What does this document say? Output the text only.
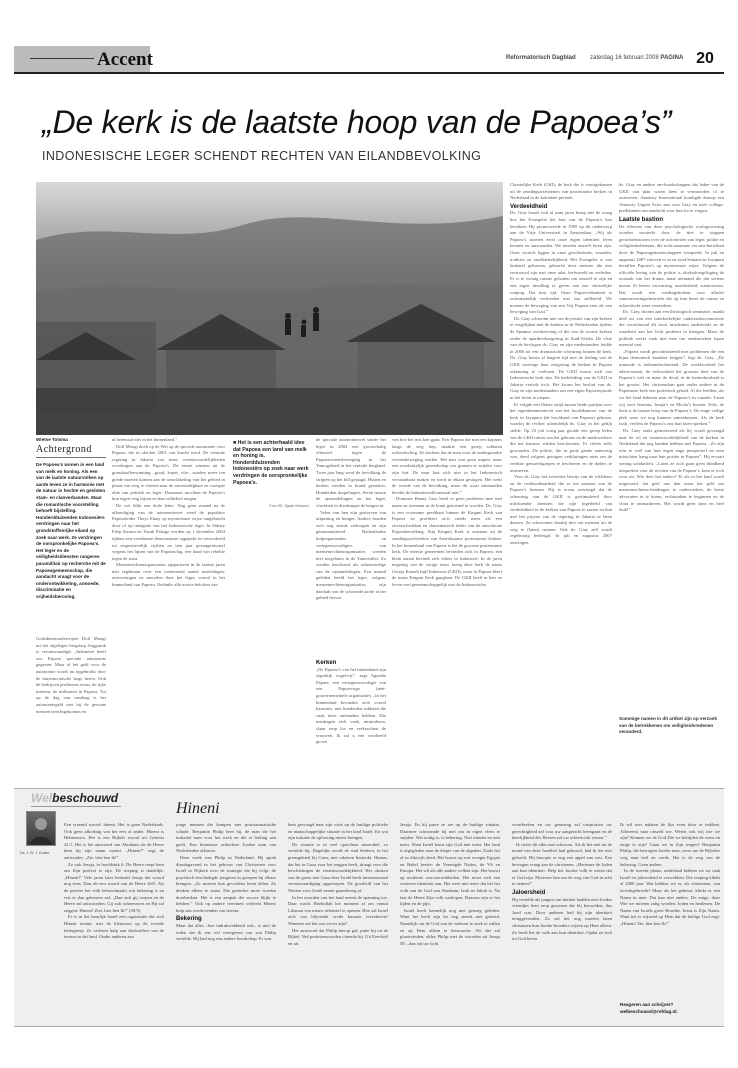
Accent	Reformatorisch Dagblad zaterdag 16 februari 2008 PAGINA 20
„De kerk is de laatste hoop van de Papoea’s”
INDONESISCHE LEGER SCHENDT RECHTEN VAN EILANDBEVOLKING
Wietse Tolsma
Achtergrond
De Papoea’s wonen in een land van melk en honing. Als een van de laatste natuurvolken op aarde leven ze in harmonie met de natuur in hechte en gesloten stam- en clanverbanden. Maar die romantische voorstelling behoeft bijstelling. Honderdduizenden Indonesiërs verdringen naar het grondstoffenrijke eiland op zoek naar werk. Ze verdringen de oorspronkelijke Papoea’s. Het leger en de veiligheidsdiensten rangeren paramilitair op recherche mit de Papoeagemeenschap, die aandacht vraagt voor de onderontwikkeling, armoede, discriminatie en vrijheidsberoving.

Godsdienstonderwijzer Dolf Mongi uit het afgelegen bergdorp Angguruk is verontwaardigd: „Indonesië heeft ons Papoea speciale autonomie gegeven. Maar al het geld voor de autonomie wordt nu opgebruikt door de bureaucratische hoge heren. Ook de bedrijven profiteren ervan, de rijke mensen, de militairen in Papoea. Tot op de dag van vandaag is het autonomiegeld niet bij de gewone mensen terechtgekomen en

al helemaal niet in het binnenland.”

Dolf Mongi doelt op de Wet op de speciale autonomie voor Papoea, die in oktober 2001 van kracht werd. De centrale regering in Jakarta zou meer verantwoordelijkheden overdragen aan de Papoea’s. De eerste winsten uit de grondstoffenwinning –goud, koper, olie– zouden meer ten goede moeten komen aan de ontwikkeling van het gebied in plaats van weg te vloeien naar de onverzadigbare en corrupte elite van politiek en leger. Daarnaast mochten de Papoea’s hun eigen vlag hijsen en hun volkslied zingen.

De wet blikt een dode letter. Nog geen maand na de afkondiging van de autonomiewet werd de populaire Papoealeider Theys Eluay op mysterieuze wijze omgebracht door of op instigatie van het Indonesische leger. In Sidney Filep Karma en Yusak Pakage werden op 1 december 2004 tijdens een vreedzame demonstratie opgepakt en veroordeeld tot respectievelijk vijftien en tien jaar gevangenisstraf wegens het hijsen van de Papoeavlag, een daad van rebellie tegen de staat.

Mensenrechtenorganisaties rapporteren in de laatste jaren met regelmaat over een toenemend aantal martelingen, ontvoeringen en moorden door het leger, vooral in het binnenland van Papoea. Ondanks alle mooie beloften van

■ Het is een achterhaald idee dat Papoea een land van melk en honing is. Honderdduizenden Indonesiërs op zoek naar werk verdringen de oorspronkelijke Papoea’s.
Foto RD, Sjaak Verboom

de speciale autonomiewet startte het leger in 2004 een grootschalig offensief tegen de Papoeaverzetsbeweging in het Yamogebied in het centrale bergland. Twee jaar lang werd de bevolking de strijpen op het hill gejaagd. Hutten en kerken werden in brand gestoken. Honderden dorpelingen, fleren tussen de opstandelingen en het leger, vluchtten in doodsangst de bergen in.

Velen van hen zijn gestorven van uitputting en honger. Andere houden zich nog steeds verborgen en zijn getraumatiseerd. Buitenlandse hulporganisaties en vertegenwoordigers van mensenrechtenorganisaties werden niet toegelaten in de Yamovallei. Zo werden beschuwd als schreeuwdige van de opstandelingen. Een maand geleden beefd het leger, volgens mensenrechtenorganisaties, zijn daerkah van de schroeide aarde in het gebied hervat.

van hoe het mis kan gaan. Een Papoea die met een kapmes langs de weg liep, maakte een groep soldaten achterdochtig. Ze dachten dat de man voor de ondergrondse verzetsbeweging werkte. Het mes was geen wapen, maar een noodzakelijk gereedschap om grassen te snijden voor zijn hut. De man kon zich niet in het Indonesisch verstaanbaar maken en werd in elkaar geslagen. Het wekt de woede van de bevolking, maar dit soort misstanden bereikt de buitenwereld meestal niet.”

Dominee Benny Giay heeft er geen probleem mee met naam en toenaam in de krant genoemd te worden. Ds. Giay is een voorname predikant binnen de Kingmi Kerk van Papoea en profileert zich steeds meer als een onverschrokken en charismatisch leider van de autochtone Papoeabevolking. Zijn Kingmi Kerk is ontstaan uit de zendingsactiviteiten van Amerikaanse protestantse kerken. In het binnenland van Papoea is het de grootste protestantse kerk. De meeste gemeenten bevinden zich in Papoea, een klein aantal bevindt zich elders in Indonesië. In de jaren negentig van de vorige eeuw kreeg deze kerk de naam Gereja Kemah Injil Indonesia (GKII), maar in Papoea bleef de naam Kingmi Kerk gangbaar. De GKII heeft in lees en leven veel gemeenschappelijk met de Indonesische

Kerken

„De Papoea’s van het binnenland zijn eigenlijk vogelvrij”, zegt Agustha Papare, een vertegenwoordiger van een Papoea-ngo (niet-gouvernementele organisatie). „In het binnenland bevinden zich vooral kazernes, met honderden soldaten die vaak niets omhanden hebben. Die misdragen zich vaak, intimideren, slaan erop los en verkrachten de vrouwen. Ik zal u een voorbeeld geven

Christelijke Kerk (GKI), de kerk die is voortgekomen uit de zendingsactiviteiten van protestantse kerken in Nederland in de koloniale periode.

Verdeeldheid

Ds. Giay houdt zich al ruim jaren bezig met de vraag hoe het Evangelie het hart van de Papoea’s kan bereiken. Hij promoveerde in 1995 op dit onderwerp aan de Vrije Universiteit in Amsterdam. „Wij als Papoea’s moeten eerst onze eigen identiteit leren kennen en aanvaarden. We moeten onszelf leren zijn. Onze wortels liggen in onze geschiedenis, waarden, tradities en onafhankelijkheid. Het Evangelie is van buitenaf gekomen, gebracht door mensen die niet vertrouwd zijn met onze adat, leefwereld en verleden. Er is te weinig ruimte geboden om onszelf te zijn en een eigen invulling te geven aan een christelijke roeping. Dat kost tijd. Onze Papoea-identiteit is onlosmakelijk verbonden met ons zelfbeeld. We moeten de beweging van een Vrij Papoea zien als een beweging van God.”

Ds. Giay schroomt niet om de positie van zijn kerken te vergelijken met de kerken in de Nederlanden tijdens de Spaanse overheersing of die van de zwarte kerken onder de apartheidsregering in Zuid-Afrika. De visie van de bevlogen ds. Giay en zijn medestanders leidde in 2006 tot een dramatische scheuring binnen de kerk. Ds. Giay botste al langere tijd met de leiding van de GKII vanwege haar weigering de kerken in Papoea erkenning te verlenen. De GKII moest zich van Indonesische kerk zijn. De kerkleiding van de GKII in Jakarta vertrok toch. Het kwam het besluit van ds. Giay en zijn medestanders om een eigen Papoeasynode in het leven te roepen.

Er volgde een fletere strijd tussen beide partijen over het eigendommenrecht van het hoofdkantoor van de kerk in Jayapura (de hoofdstad van Papoea) gebouw, waarbij de rechter uiteindelijk ds. Giay in het gelijk stelde. Op 23 juli vorig jaar gooide een groep leden van de GKII ruiten van het gebouw en de medewerkers die het kantoor wilden beschermen. Er vielen zelfs gewonden. De politie, die in grote getale aanwezig was, deed volgens getuigen verklaringen niets om de verhitte gemoedsgrepen te bescheren en de daders te arresteren.

Voor ds. Giay het zoveelste bewijs van de willekeur en de rechtsonbaarheid die er ten aanzien van de Papoea’s heersen. Hij is ervan overtuigd dat de scheuring van de GKII is gestimuleerd door inlichtendie diensten die zijn ingedeeld van verdeeldheid in de kerken van Papoea te zaaien en hun met het prijzen van de regering in Jakarta te laten dansen. Ze schroomen daarbij niet om mensen uit de weg te (laten) ruimen. Ook ds. Giay zelf wordt regelmatig bedreigd. In juli en augustus 2007 ontvingen

ds. Giay en andere om-boodschappen dat leden van de GKII van plan waren hem te vermoorden of te ontvoeren. Amnesty International kondigde daarop een Amnesty Urgent Actie aan voor Giay en twee collega-predikanten om aandacht voor hun lot te vragen.

Laatste bastion

De effecten van deze psychologische oorlogsvoering worden versterkt door de niet te stoppen geruchtenstroom over de activiteiten van leger, politie en veiligheidsdiensten, die richt naarmate via sms-berichten door de Papoeagemeenschappen verspreidt. In juli en augustus 2007 stierven er in en rond Sentani en Jayapura hertallen Papoea’s op mysterieuze wijze. Volgens de officiële lezing van de politie is alcoholvergiftiging de oorzaak van het drama, maar niemand die dat serieus neemt. Er heerst verwarring, onzekerheid, wantrouwen. Dat wordt een voedingsbodem voor allerlei samenzweringstheorieën die op hun beurt de onrust en achterdocht weer versterken.

Ds. Giay, docent aan een theologisch seminarie, maakt deel uit van een interkerkelijke onderzoekscommissie die voortdurend dit soort incidenten onderzoekt en de waarheid aan het licht probeert te brengen. Maar de politiek werkt vaak niet mee om onderzoeken lopen meestal vast.

„Papoea wordt geconfronteerd met problemen die een bijna demonisch karakter krijgen”, legt ds. Giay. „De armoede is tenhemelschreiend. De werkloosheid het adieu-nazaat, de verloosheid het grootste deel van de Papoea’s valt en maar de dood, in de hermeloosheid is het grootst. Het christendom gaat onder andere in de Papoeanse kerk een profetisch geluid. Al die leefden, als we het land bekeren naar de Papoea’s in vaarder. Laten wij voor Jeremia, Jesaja’s en Micha’s komen. Echt, de kerk is de laatste hoop van de Papoea’s. De enige veilige plek waar we nog kunnen samenkomen. Als de kerk faalt, verliest de Papoea’s ons hart laten spreken.”

Ds. Giay raakt gemotiveerd als hij wordt gevraagd naar de rol en verantwoordelijkheid van de kerken in Nederland die nog banden hebben met Papoea. „Ze zijn erin te veel van hun eigen enge perspectief en zien misschien hang naar hun positie in Papoea”. Hij ervaart weinig solidariteit. „Laten ze zich gaan geen blindheid uitspreken voor de rechten van de Papoea’s, kom er toch voor uit. Wie doet het anders? Er als in het land wordt uitgeroeid, dat geef ons dan maar het geld om mensenrechtenschendingen te onderzoeken, de beste advocaten in te huren, rechtszaken te beginnen en de vlam te ontmaskeren. Het wordt geen dans en heel leuk!”

Sommige namen in dit artikel zijn op verzoek van de betrokkenen om veiligheidsredenen veranderd.
Welbeschouwd
Hineni
Ds. J. W. J. Koster

Een vreemd woord: hineni. Het is geen Nederlands. Ook geen afkorting van het een of ander. Hineni is Hebreeuws. Het is een Bijbels woord uit Genesis 22:1. Het is het antwoord van Abraham als de Heere hem bij zijn naam noemt. „Hineni!” zegt de aartsvader. „Zie, hier ben ik!”

Zo ook Jesaja, in hoofdstuk 6. De Heere roept hem om Zijn profeet te zijn. De roeping is duidelijk: „Hineni!” Vele jaren later herhaalt Jesaja dat woord nog eens. Dan als een woord van de Heere Zelf. Als de profeet het volk beboodmaakt wat bekering is en wat er dan gebeuren zal: „Dan zult gij roepen en de Heere zal antwoorden. Gij zult schreeuwen en Hij zal zeggen: Hineni! Ziet, hier ben Ik!” (58:9).

Er is in het buurlijk Israël een organisatie die zich Hineni noemt, met de klemtoon op de tweede lettergreep. Ze verleent hulp aan slachtoffers van de terreur in dat land. Onder anderen aan

jonge mensen die kampen met posttraumatische schade. Benjamin Philip heet hij, de man die het initiatief nam voor het werk en die er leiding aan geeft. Een binnenste orthodoxe Joodse man van Nederlandse afkomst.

Deze week was Philip in Nederland. Hij sprak dinsdagavond in het gebouw van Christenen voor Israël in Nijkerk over de strategie die hij volgt: de psychisch beschadigde jongeren in groepen bij elkaar brengen. „Ze moeten hun gevoelens leren delen. Ze denken alleen te staan. Die gedachte moet worden doorbroken. Het is een aanpak die succes blijkt te hebben.” Ook op andere terreinen verleent Hineni hulp aan overlevenden van terreur.

Bekering

Maar dat alles –hoe indrukwekkend ook– is niet de reden dat ik iets wil weergeven van wat Philip vertelde. Hij had nog een andere boodschap. Er was

hem gevraagd naar zijn visie op de huidige politieke en maatschappelijke situatie in het land Israël. En wat zijn initiatie de oplossing moest brengen.

De situatie is in veel opzichten miserabel, zo vertelde hij. Dagelijks wordt de stad Sederot, in het grensgebied bij Gaza, met raketten bestookt. Hamas, dat het in Gaza voor het zeggen heeft, draagt voor die beschietingen de verantwoordelijkheid. Het okoken van de grens met Gaza door Israël heeft internationaal verontwaardiging opgeroepen. De goodwill van het Westen voor Israël neemt gaandeweg af.

In het noorden van het land neemt de spanning toe. Daar wacht Hezbollah het moment af om vanuit Libanon een nieuw offensief te openen. Hoe zal Israël zich van blijvende vrede kunnen verzekeren? Wanneer zal het ooit zover zijn?

Het antwoord dat Philip hierop gaf, putte hij uit de Bijbel. Ved profetenwoorden citeerde hij. Uit Ezechiël en uit

Jesaja. En hij paste ze toe op de huidige situatie. Daarmee schroomde hij niet om in eigen vlees te snijden. Wat nodig is, is bekering. Niet minder en niet meer. Want Israël komt zijn God niet meer. Het land is afgegleden naar de diepte van de afgoden. Zoals het al zo dikwijls deed. Het bouwt op wat vroeger Egypte en Babel heette: de Verenigde Naties, de VS en Europa. Het wil als alle andere volken zijn. Het bouwt op moderne wervoerwebbeden. Het moet zich een westerse identiteit aan. Het weet niet meer dat het het volk van de God van Abraham, Izak en Jakob is. Nu laat de Heere Zijn volk vastlopen. Daarom zijn er het lijden en de pijn.

Israël heeft kennelijk nog niet genoeg geleden. Want het heeft zijn les nog steeds niet geleerd. Namelijk om de God van de vaderen te zoek te vallen en op Hem alleen te betrouwen. Als dat zal plaatsvinden, aldus Philip met de woorden uit Jesaja 58: „dan zal uw licht

voortbreken en uw genezing zal uitspruiten uw gerechtigheid zal voor uw aangezicht heengaan en de heerlijkheid des Heeren zal uw achtertocht wezen.”

Ik citeer dit alles met schroom. Als ik het niet uit de mond van deze Israëliet had gehoord, had ik het niet geloofd. Hij knoopte er nog een appel aan vast. Een bewogen vraag aan de christenen. „Herinner de Joden aan hun identiteit. Help het Joodse volk te weten dat er God zijn. Motiveer hen om de weg van God in acht te nemen!”

Jaloersheid

Hij vertelde als jongen van dertien hadden niet-Joodse vriendjes hem erop gewezen dat hij beroofden, dus Jood was. Door anderen had hij zijn identiteit teruggevonden. Zo zal het nog moeten laten christenen hun Joodse broeders wijzen op Hem alleen. Zo heeft het de volk aan hun identiteit. Opdat ze zich tot God keren.

Ik wil niet nalaten de lijn even door te trekken. Allereerst naar onszelf toe. Weten ook wij wie we zijn? Kennen we de God Die we beliijden de wens en enige te zijn? Gaan we in Zijn wegen? Benjamin Philip, die bewogen Joodse man, wees me de Bijbelse weg naar heil en vrede. Het is de weg van de bekering. Geen andere.

In de tweede plaats, onderlaad hebben we tot taak Israël tot jaloersheid te verwekken. Die roeping klinkt al 2000 jaar. Wat hebben we er, als christenen, van terechtgebracht? Maar als het gebeurt, klinkt er een Naam in mee. Dat kan niet anders. De enige, door Wie we moeten zalig worden. Joden en heidenen. De Naam van Israëls grote Broeder. Jezus is Zijn Naam. Want het is wijzend op Hem dat de heilige God zegt: „Hineni! Zie, hier ben Ik!”

Reageren aan schrijver? welbeschouwd@refdag.nl.
